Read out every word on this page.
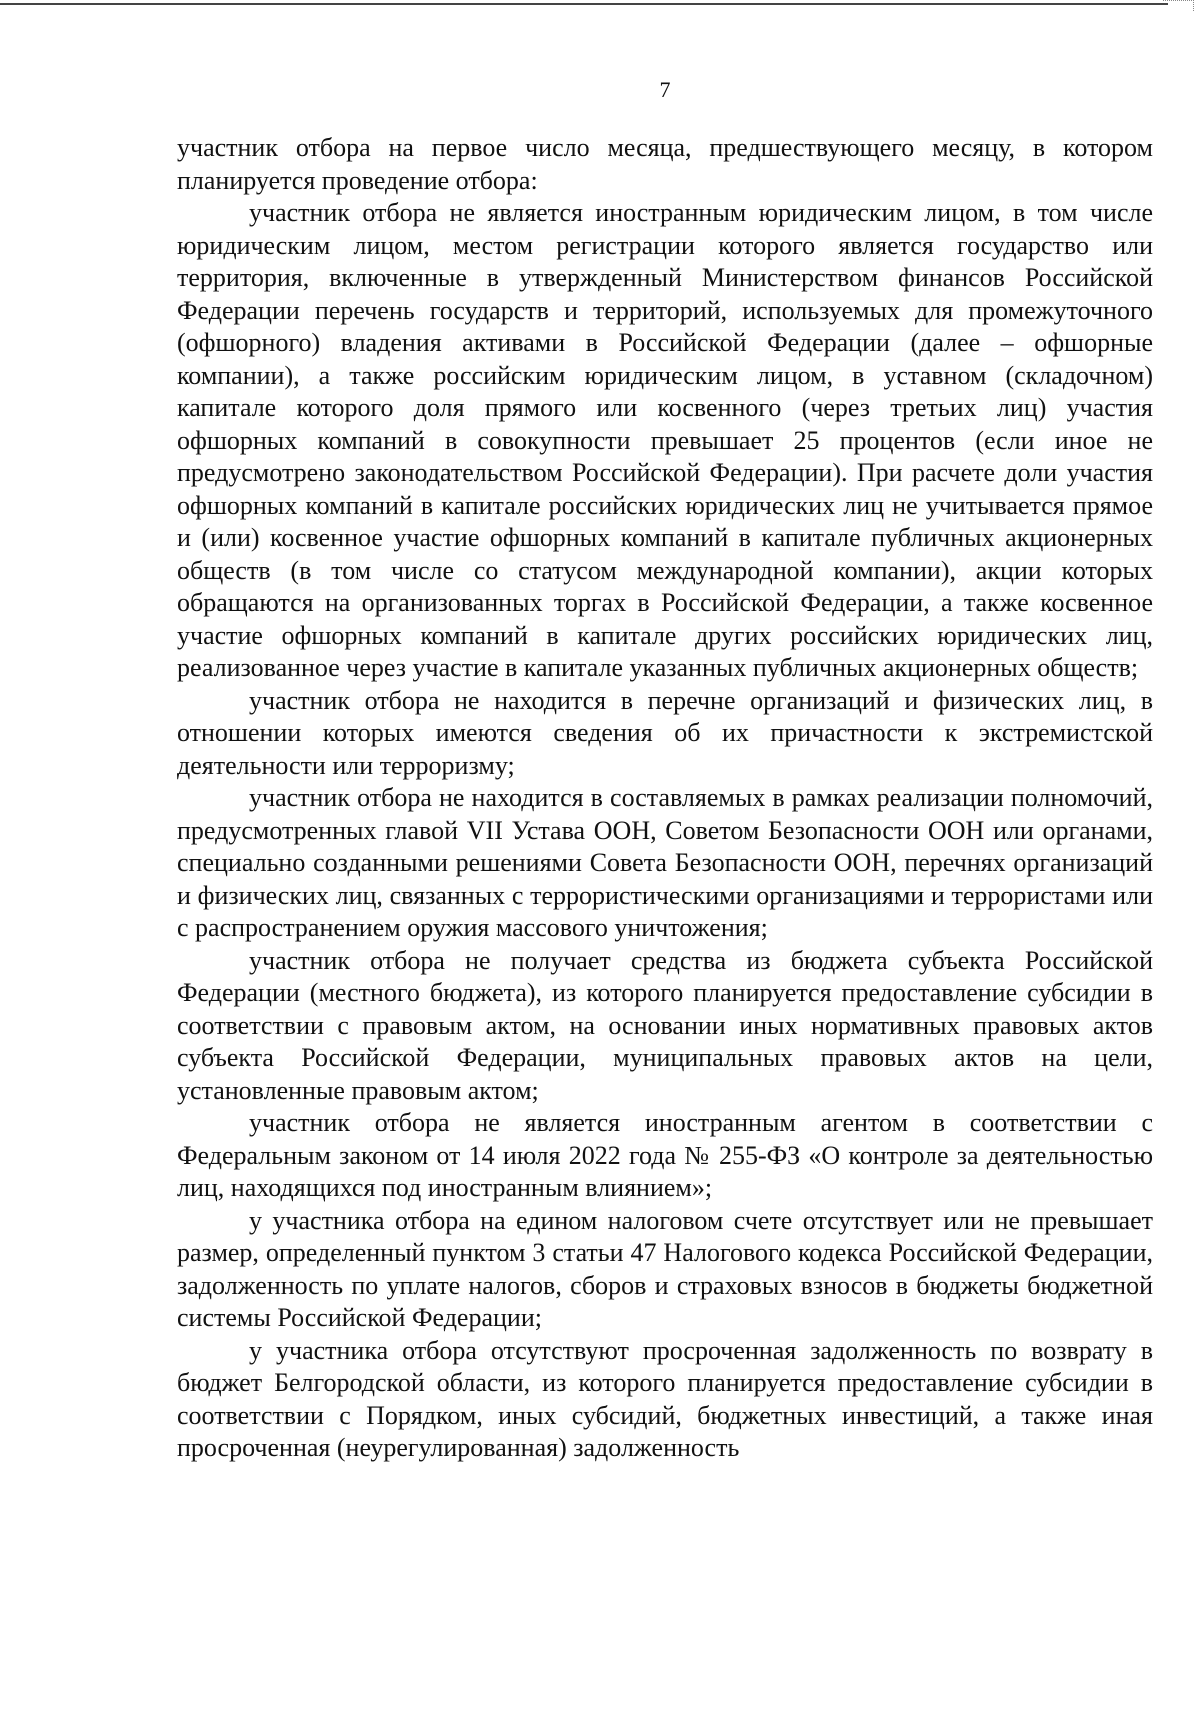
7

участник отбора на первое число месяца, предшествующего месяцу, в котором планируется проведение отбора:

участник отбора не является иностранным юридическим лицом, в том числе юридическим лицом, местом регистрации которого является государство или территория, включенные в утвержденный Министерством финансов Российской Федерации перечень государств и территорий, используемых для промежуточного (офшорного) владения активами в Российской Федерации (далее – офшорные компании), а также российским юридическим лицом, в уставном (складочном) капитале которого доля прямого или косвенного (через третьих лиц) участия офшорных компаний в совокупности превышает 25 процентов (если иное не предусмотрено законодательством Российской Федерации). При расчете доли участия офшорных компаний в капитале российских юридических лиц не учитывается прямое и (или) косвенное участие офшорных компаний в капитале публичных акционерных обществ (в том числе со статусом международной компании), акции которых обращаются на организованных торгах в Российской Федерации, а также косвенное участие офшорных компаний в капитале других российских юридических лиц, реализованное через участие в капитале указанных публичных акционерных обществ;

участник отбора не находится в перечне организаций и физических лиц, в отношении которых имеются сведения об их причастности к экстремистской деятельности или терроризму;

участник отбора не находится в составляемых в рамках реализации полномочий, предусмотренных главой VII Устава ООН, Советом Безопасности ООН или органами, специально созданными решениями Совета Безопасности ООН, перечнях организаций и физических лиц, связанных с террористическими организациями и террористами или с распространением оружия массового уничтожения;

участник отбора не получает средства из бюджета субъекта Российской Федерации (местного бюджета), из которого планируется предоставление субсидии в соответствии с правовым актом, на основании иных нормативных правовых актов субъекта Российской Федерации, муниципальных правовых актов на цели, установленные правовым актом;

участник отбора не является иностранным агентом в соответствии с Федеральным законом от 14 июля 2022 года № 255-ФЗ «О контроле за деятельностью лиц, находящихся под иностранным влиянием»;

у участника отбора на едином налоговом счете отсутствует или не превышает размер, определенный пунктом 3 статьи 47 Налогового кодекса Российской Федерации, задолженность по уплате налогов, сборов и страховых взносов в бюджеты бюджетной системы Российской Федерации;

у участника отбора отсутствуют просроченная задолженность по возврату в бюджет Белгородской области, из которого планируется предоставление субсидии в соответствии с Порядком, иных субсидий, бюджетных инвестиций, а также иная просроченная (неурегулированная) задолженность
